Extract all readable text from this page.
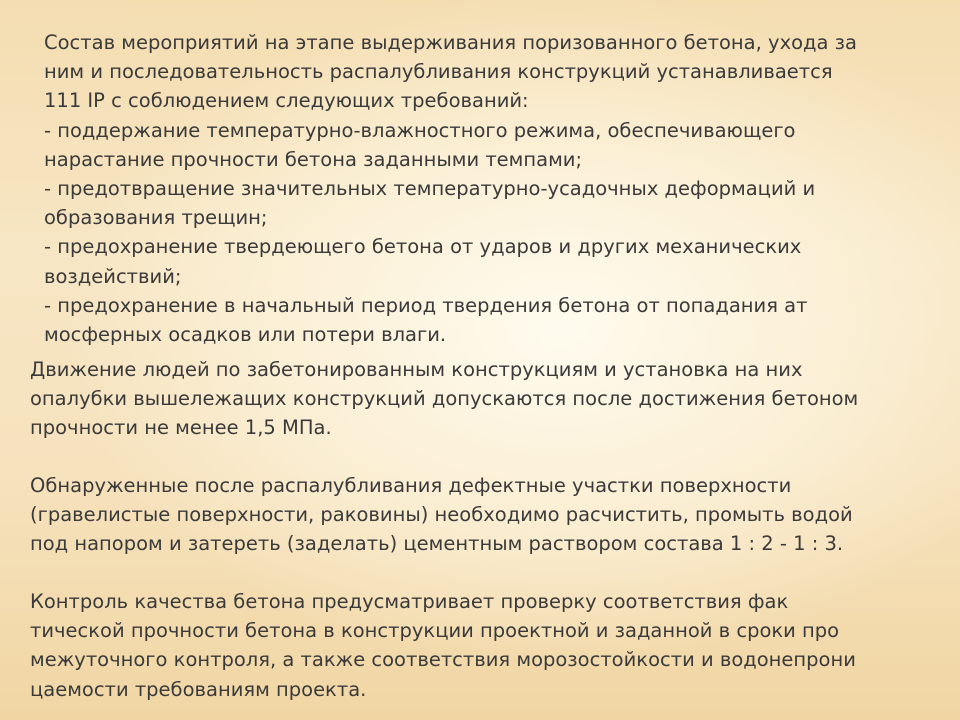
Состав мероприятий на этапе выдерживания поризованного бетона, ухода за
ним и последовательность распалубливания конструкций устанавливается
111 IP с соблюдением следующих требований:
- поддержание температурно-влажностного режима, обеспечивающего
нарастание прочности бетона заданными темпами;
- предотвращение значительных температурно-усадочных деформаций и
образования трещин;
- предохранение твердеющего бетона от ударов и других механических
воздействий;
- предохранение в начальный период твердения бетона от попадания ат
мосферных осадков или потери влаги.
Движение людей по забетонированным конструкциям и установка на них
опалубки вышележащих конструкций допускаются после достижения бетоном
прочности не менее 1,5 МПа.
Обнаруженные после распалубливания дефектные участки поверхности
(гравелистые поверхности, раковины) необходимо расчистить, промыть водой
под напором и затереть (заделать) цементным раствором состава 1 : 2 - 1 : 3.
Контроль качества бетона предусматривает проверку соответствия фак
тической прочности бетона в конструкции проектной и заданной в сроки про
межуточного контроля, а также соответствия морозостойкости и водонепрони
цаемости требованиям проекта.
